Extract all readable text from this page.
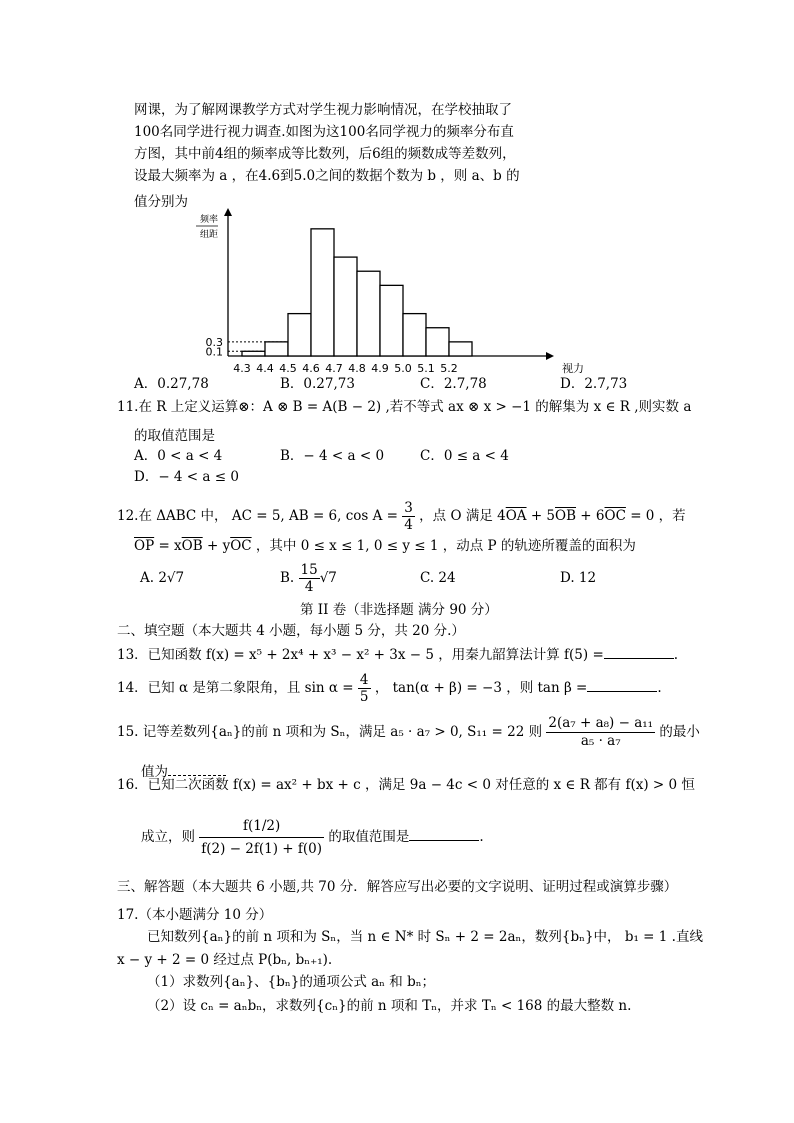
网课，为了解网课教学方式对学生视力影响情况，在学校抽取了
100名同学进行视力调查.如图为这100名同学视力的频率分布直
方图，其中前4组的频率成等比数列，后6组的频数成等差数列，
设最大频率为 a ，在4.6到5.0之间的数据个数为 b ，则 a、b 的
值分别为
0.1
0.3
4.3 4.4 4.5 4.6 4.7 4.8 4.9 5.0 5.1 5.2	视力
频率
组距
A．0.27,78	B．0.27,73	C．2.7,78	D．2.7,73
11.在 R 上定义运算⊗：A ⊗ B = A(B − 2) ,若不等式 ax ⊗ x > −1 的解集为 x ∈ R ,则实数 a
的取值范围是
A．0 < a < 4	B．− 4 < a < 0	C．0 ≤ a < 4
D．− 4 < a ≤ 0
12.在 ΔABC 中， AC = 5, AB = 6, $\cos A = \frac{3}{4}$ ，点 O 满足 $4\overline{OA} + 5\overline{OB} + 6\overline{OC} = 0$ ，若
$\overline{OP} = x\overline{OB} + y\overline{OC}$ ，其中 0 ≤ x ≤ 1, 0 ≤ y ≤ 1 ，动点 P 的轨迹所覆盖的面积为
A. 2√7	B. $\frac{15}{4} √7$	C. 24	D. 12
第 II 卷（非选择题 满分 90 分）
二、填空题（本大题共 4 小题，每小题 5 分，共 20 分.）
13．已知函数 f(x) = x⁵ + 2x⁴ + x³ − x² + 3x − 5 ，用秦九韶算法计算 f(5) =	.
14．已知 α 是第二象限角，且 $\sin \alpha = \frac{4}{5}$ ， tan(α + β) = −3 ，则 tan β =	.
15. 记等差数列{aₙ}的前 n 项和为 Sₙ，满足 a₅ · a₇ > 0, S₁₁ = 22 则 $\frac{\text{2(a₇ + a₈) − a₁₁}}{\text{a₅ · a₇}}$ 的最小
值为
16．已知二次函数 f(x) = ax² + bx + c ，满足 9a − 4c < 0 对任意的 x ∈ R 都有 f(x) > 0 恒
成立，则 $\frac{f(1/2)}{f(2) - 2f(1) + f(0)}$ 的取值范围是	.
三、解答题（本大题共 6 小题,共 70 分．解答应写出必要的文字说明、证明过程或演算步骤）
17.（本小题满分 10 分）
已知数列{aₙ}的前 n 项和为 Sₙ，当 n ∈ N* 时 Sₙ + 2 = 2aₙ，数列{bₙ}中， b₁ = 1 .直线
x − y + 2 = 0 经过点 P(bₙ, bₙ₊₁).
（1）求数列{aₙ}、{bₙ}的通项公式 aₙ 和 bₙ；
（2）设 cₙ = aₙbₙ，求数列{cₙ}的前 n 项和 Tₙ，并求 Tₙ < 168 的最大整数 n.
